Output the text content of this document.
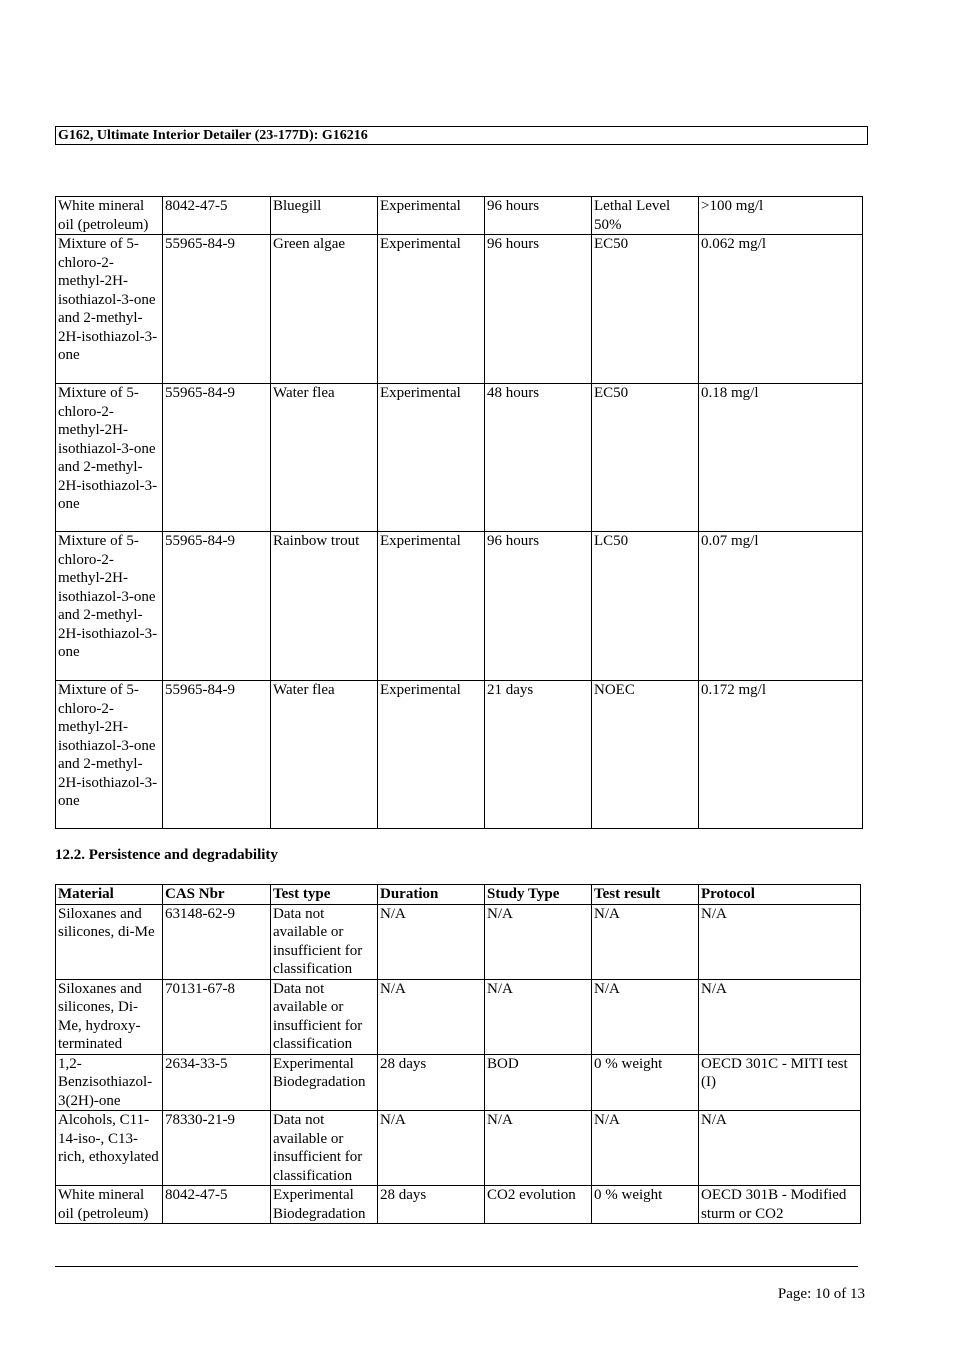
G162, Ultimate Interior Detailer (23-177D): G16216
White mineral oil (petroleum)	8042-47-5	Bluegill	Experimental	96 hours	Lethal Level 50%	>100 mg/l
Mixture of 5-chloro-2-methyl-2H-isothiazol-3-one and 2-methyl-2H-isothiazol-3-one	55965-84-9	Green algae	Experimental	96 hours	EC50	0.062 mg/l
Mixture of 5-chloro-2-methyl-2H-isothiazol-3-one and 2-methyl-2H-isothiazol-3-one	55965-84-9	Water flea	Experimental	48 hours	EC50	0.18 mg/l
Mixture of 5-chloro-2-methyl-2H-isothiazol-3-one and 2-methyl-2H-isothiazol-3-one	55965-84-9	Rainbow trout	Experimental	96 hours	LC50	0.07 mg/l
Mixture of 5-chloro-2-methyl-2H-isothiazol-3-one and 2-methyl-2H-isothiazol-3-one	55965-84-9	Water flea	Experimental	21 days	NOEC	0.172 mg/l
12.2. Persistence and degradability
Material	CAS Nbr	Test type	Duration	Study Type	Test result	Protocol
Siloxanes and silicones, di-Me	63148-62-9	Data not available or insufficient for classification	N/A	N/A	N/A	N/A
Siloxanes and silicones, Di-Me, hydroxy-terminated	70131-67-8	Data not available or insufficient for classification	N/A	N/A	N/A	N/A
1,2-Benzisothiazol-3(2H)-one	2634-33-5	Experimental Biodegradation	28 days	BOD	0 % weight	OECD 301C - MITI test (I)
Alcohols, C11-14-iso-, C13-rich, ethoxylated	78330-21-9	Data not available or insufficient for classification	N/A	N/A	N/A	N/A
White mineral oil (petroleum)	8042-47-5	Experimental Biodegradation	28 days	CO2 evolution	0 % weight	OECD 301B - Modified sturm or CO2
Page: 10 of 13
